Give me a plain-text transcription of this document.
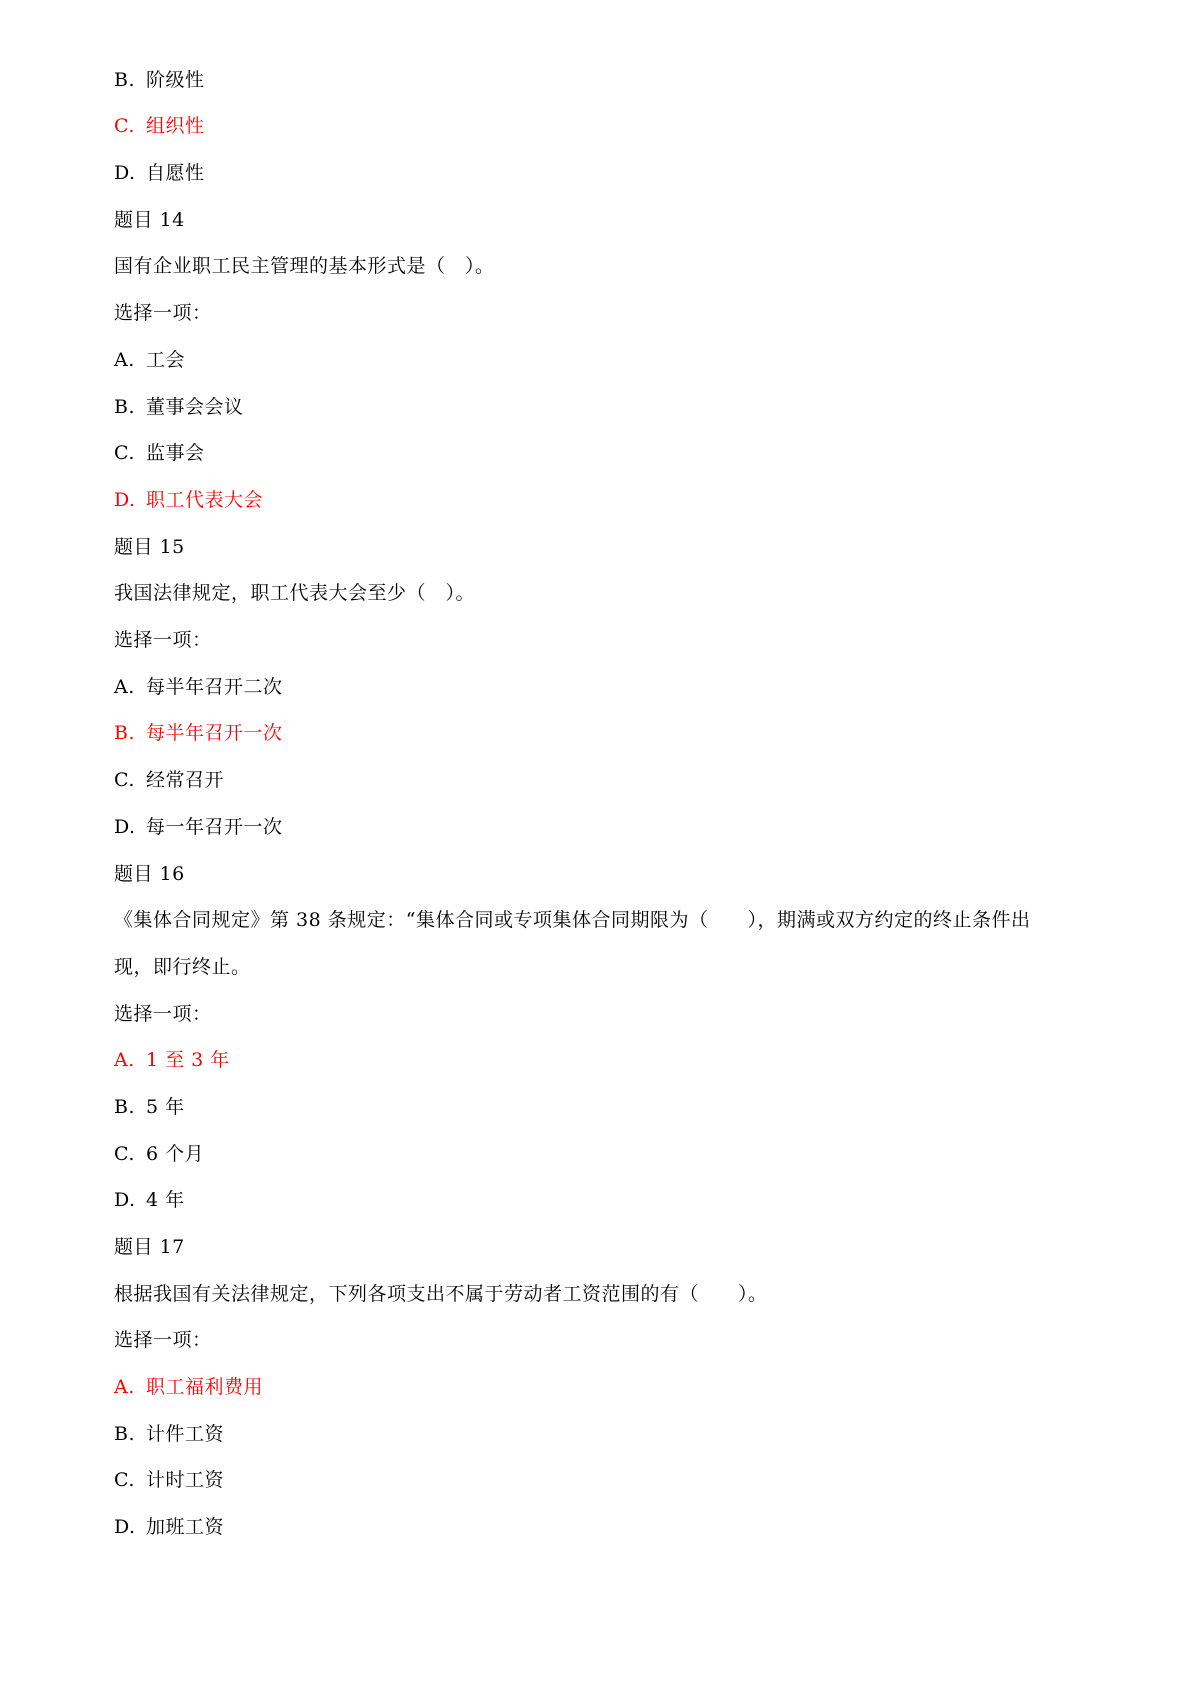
B. 阶级性
C. 组织性
D. 自愿性
题目 14
国有企业职工民主管理的基本形式是（　）。
选择一项：
A. 工会
B. 董事会会议
C. 监事会
D. 职工代表大会
题目 15
我国法律规定，职工代表大会至少（　）。
选择一项：
A. 每半年召开二次
B. 每半年召开一次
C. 经常召开
D. 每一年召开一次
题目 16
《集体合同规定》第 38 条规定：“集体合同或专项集体合同期限为（　　），期满或双方约定的终止条件出
现，即行终止。
选择一项：
A. 1 至 3 年
B. 5 年
C. 6 个月
D. 4 年
题目 17
根据我国有关法律规定，下列各项支出不属于劳动者工资范围的有（　　）。
选择一项：
A. 职工福利费用
B. 计件工资
C. 计时工资
D. 加班工资
